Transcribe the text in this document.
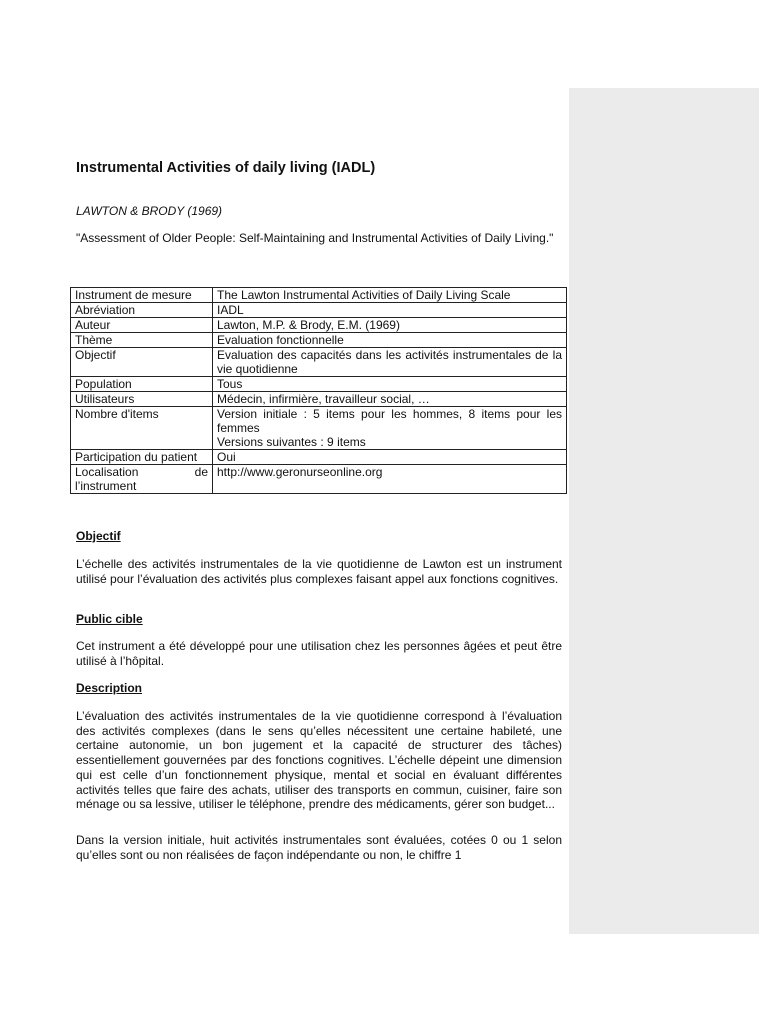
Instrumental Activities of daily living (IADL)

LAWTON & BRODY (1969)

"Assessment of Older People: Self-Maintaining and Instrumental Activities of Daily Living."

Instrument de mesure	The Lawton Instrumental Activities of Daily Living Scale
Abréviation	IADL
Auteur	Lawton, M.P. & Brody, E.M. (1969)
Thème	Evaluation fonctionnelle
Objectif	Evaluation des capacités dans les activités instrumentales de la vie quotidienne
Population	Tous
Utilisateurs	Médecin, infirmière, travailleur social, …
Nombre d'items	Version initiale : 5 items pour les hommes, 8 items pour les femmes
Versions suivantes : 9 items
Participation du patient	Oui
Localisation de l’instrument	http://www.geronurseonline.org
Objectif

L’échelle des activités instrumentales de la vie quotidienne de Lawton est un instrument utilisé pour l’évaluation des activités plus complexes faisant appel aux fonctions cognitives.

Public cible

Cet instrument a été développé pour une utilisation chez les personnes âgées et peut être utilisé à l’hôpital.

Description

L’évaluation des activités instrumentales de la vie quotidienne correspond à l’évaluation des activités complexes (dans le sens qu’elles nécessitent une certaine habileté, une certaine autonomie, un bon jugement et la capacité de structurer des tâches) essentiellement gouvernées par des fonctions cognitives. L’échelle dépeint une dimension qui est celle d’un fonctionnement physique, mental et social en évaluant différentes activités telles que faire des achats, utiliser des transports en commun, cuisiner, faire son ménage ou sa lessive, utiliser le téléphone, prendre des médicaments, gérer son budget...

Dans la version initiale, huit activités instrumentales sont évaluées, cotées 0 ou 1 selon qu’elles sont ou non réalisées de façon indépendante ou non, le chiffre 1
